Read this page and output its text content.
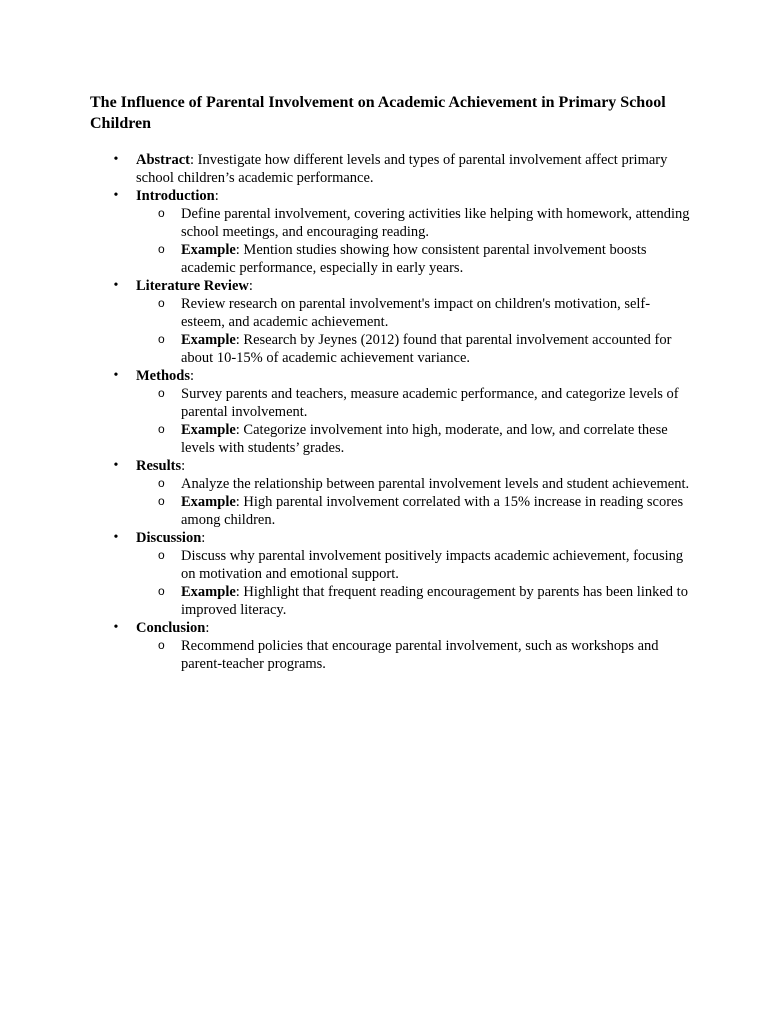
The Influence of Parental Involvement on Academic Achievement in Primary School Children
• Abstract: Investigate how different levels and types of parental involvement affect primary school children’s academic performance.
• Introduction:
o Define parental involvement, covering activities like helping with homework, attending school meetings, and encouraging reading.
o Example: Mention studies showing how consistent parental involvement boosts academic performance, especially in early years.
• Literature Review:
o Review research on parental involvement's impact on children's motivation, self-esteem, and academic achievement.
o Example: Research by Jeynes (2012) found that parental involvement accounted for about 10-15% of academic achievement variance.
• Methods:
o Survey parents and teachers, measure academic performance, and categorize levels of parental involvement.
o Example: Categorize involvement into high, moderate, and low, and correlate these levels with students’ grades.
• Results:
o Analyze the relationship between parental involvement levels and student achievement.
o Example: High parental involvement correlated with a 15% increase in reading scores among children.
• Discussion:
o Discuss why parental involvement positively impacts academic achievement, focusing on motivation and emotional support.
o Example: Highlight that frequent reading encouragement by parents has been linked to improved literacy.
• Conclusion:
o Recommend policies that encourage parental involvement, such as workshops and parent-teacher programs.
